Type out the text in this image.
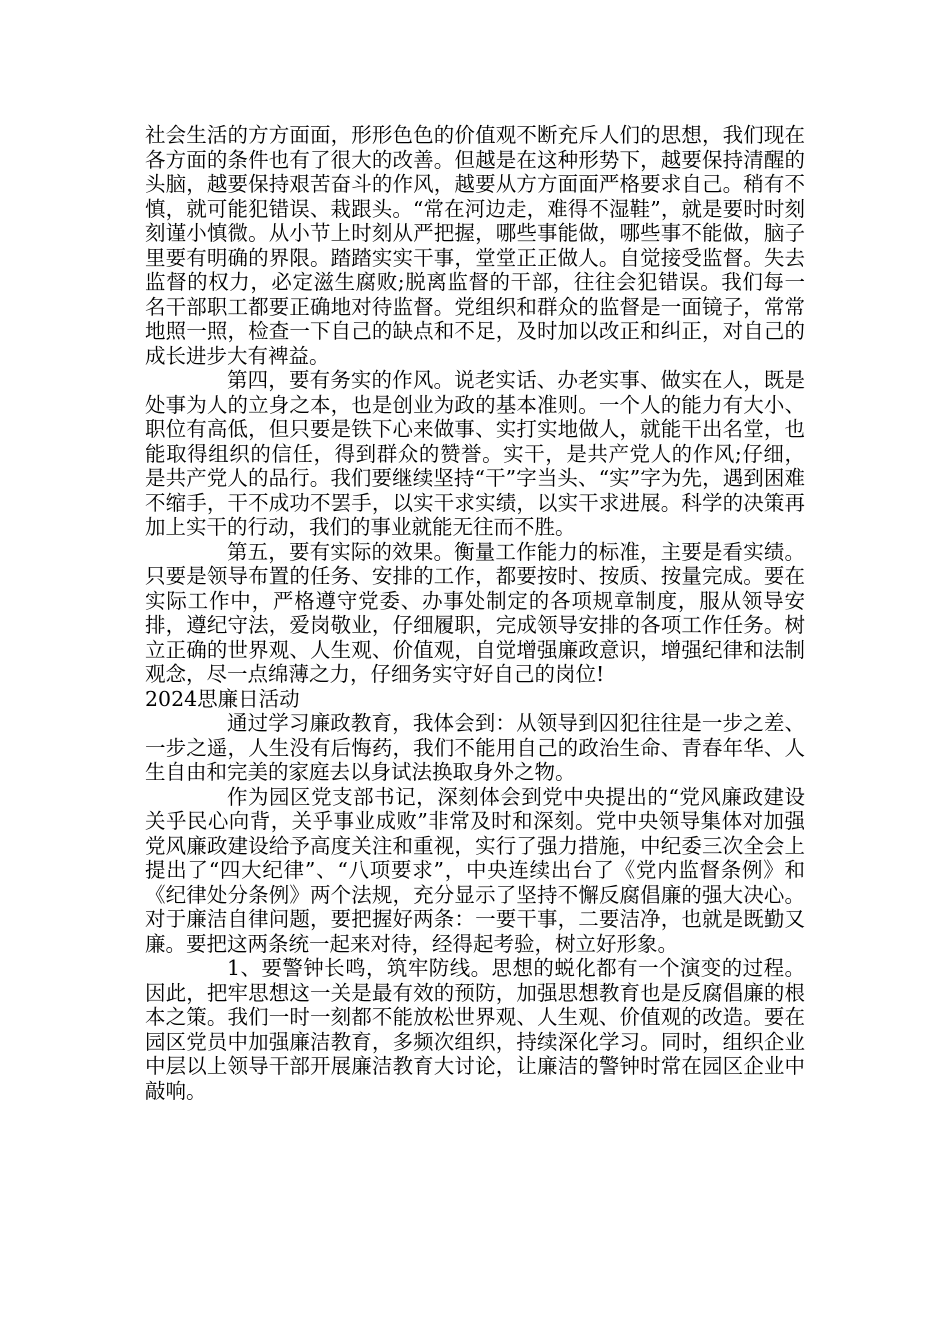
社会生活的方方面面，形形色色的价值观不断充斥人们的思想，我们现在各方面的条件也有了很大的改善。但越是在这种形势下，越要保持清醒的头脑，越要保持艰苦奋斗的作风，越要从方方面面严格要求自己。稍有不慎，就可能犯错误、栽跟头。“常在河边走，难得不湿鞋”，就是要时时刻刻谨小慎微。从小节上时刻从严把握，哪些事能做，哪些事不能做，脑子里要有明确的界限。踏踏实实干事，堂堂正正做人。自觉接受监督。失去监督的权力，必定滋生腐败;脱离监督的干部，往往会犯错误。我们每一名干部职工都要正确地对待监督。党组织和群众的监督是一面镜子，常常地照一照，检查一下自己的缺点和不足，及时加以改正和纠正，对自己的成长进步大有裨益。

第四，要有务实的作风。说老实话、办老实事、做实在人，既是处事为人的立身之本，也是创业为政的基本准则。一个人的能力有大小、职位有高低，但只要是铁下心来做事、实打实地做人，就能干出名堂，也能取得组织的信任，得到群众的赞誉。实干，是共产党人的作风;仔细，是共产党人的品行。我们要继续坚持“干”字当头、“实”字为先，遇到困难不缩手，干不成功不罢手，以实干求实绩，以实干求进展。科学的决策再加上实干的行动，我们的事业就能无往而不胜。

第五，要有实际的效果。衡量工作能力的标准，主要是看实绩。只要是领导布置的任务、安排的工作，都要按时、按质、按量完成。要在实际工作中，严格遵守党委、办事处制定的各项规章制度，服从领导安排，遵纪守法，爱岗敬业，仔细履职，完成领导安排的各项工作任务。树立正确的世界观、人生观、价值观，自觉增强廉政意识，增强纪律和法制观念，尽一点绵薄之力，仔细务实守好自己的岗位!

2024思廉日活动

通过学习廉政教育，我体会到：从领导到囚犯往往是一步之差、一步之遥，人生没有后悔药，我们不能用自己的政治生命、青春年华、人生自由和完美的家庭去以身试法换取身外之物。

作为园区党支部书记，深刻体会到党中央提出的“党风廉政建设关乎民心向背，关乎事业成败”非常及时和深刻。党中央领导集体对加强党风廉政建设给予高度关注和重视，实行了强力措施，中纪委三次全会上提出了“四大纪律”、“八项要求”，中央连续出台了《党内监督条例》和《纪律处分条例》两个法规，充分显示了坚持不懈反腐倡廉的强大决心。对于廉洁自律问题，要把握好两条：一要干事，二要洁净，也就是既勤又廉。要把这两条统一起来对待，经得起考验，树立好形象。

1、要警钟长鸣，筑牢防线。思想的蜕化都有一个演变的过程。因此，把牢思想这一关是最有效的预防，加强思想教育也是反腐倡廉的根本之策。我们一时一刻都不能放松世界观、人生观、价值观的改造。要在园区党员中加强廉洁教育，多频次组织，持续深化学习。同时，组织企业中层以上领导干部开展廉洁教育大讨论，让廉洁的警钟时常在园区企业中敲响。
